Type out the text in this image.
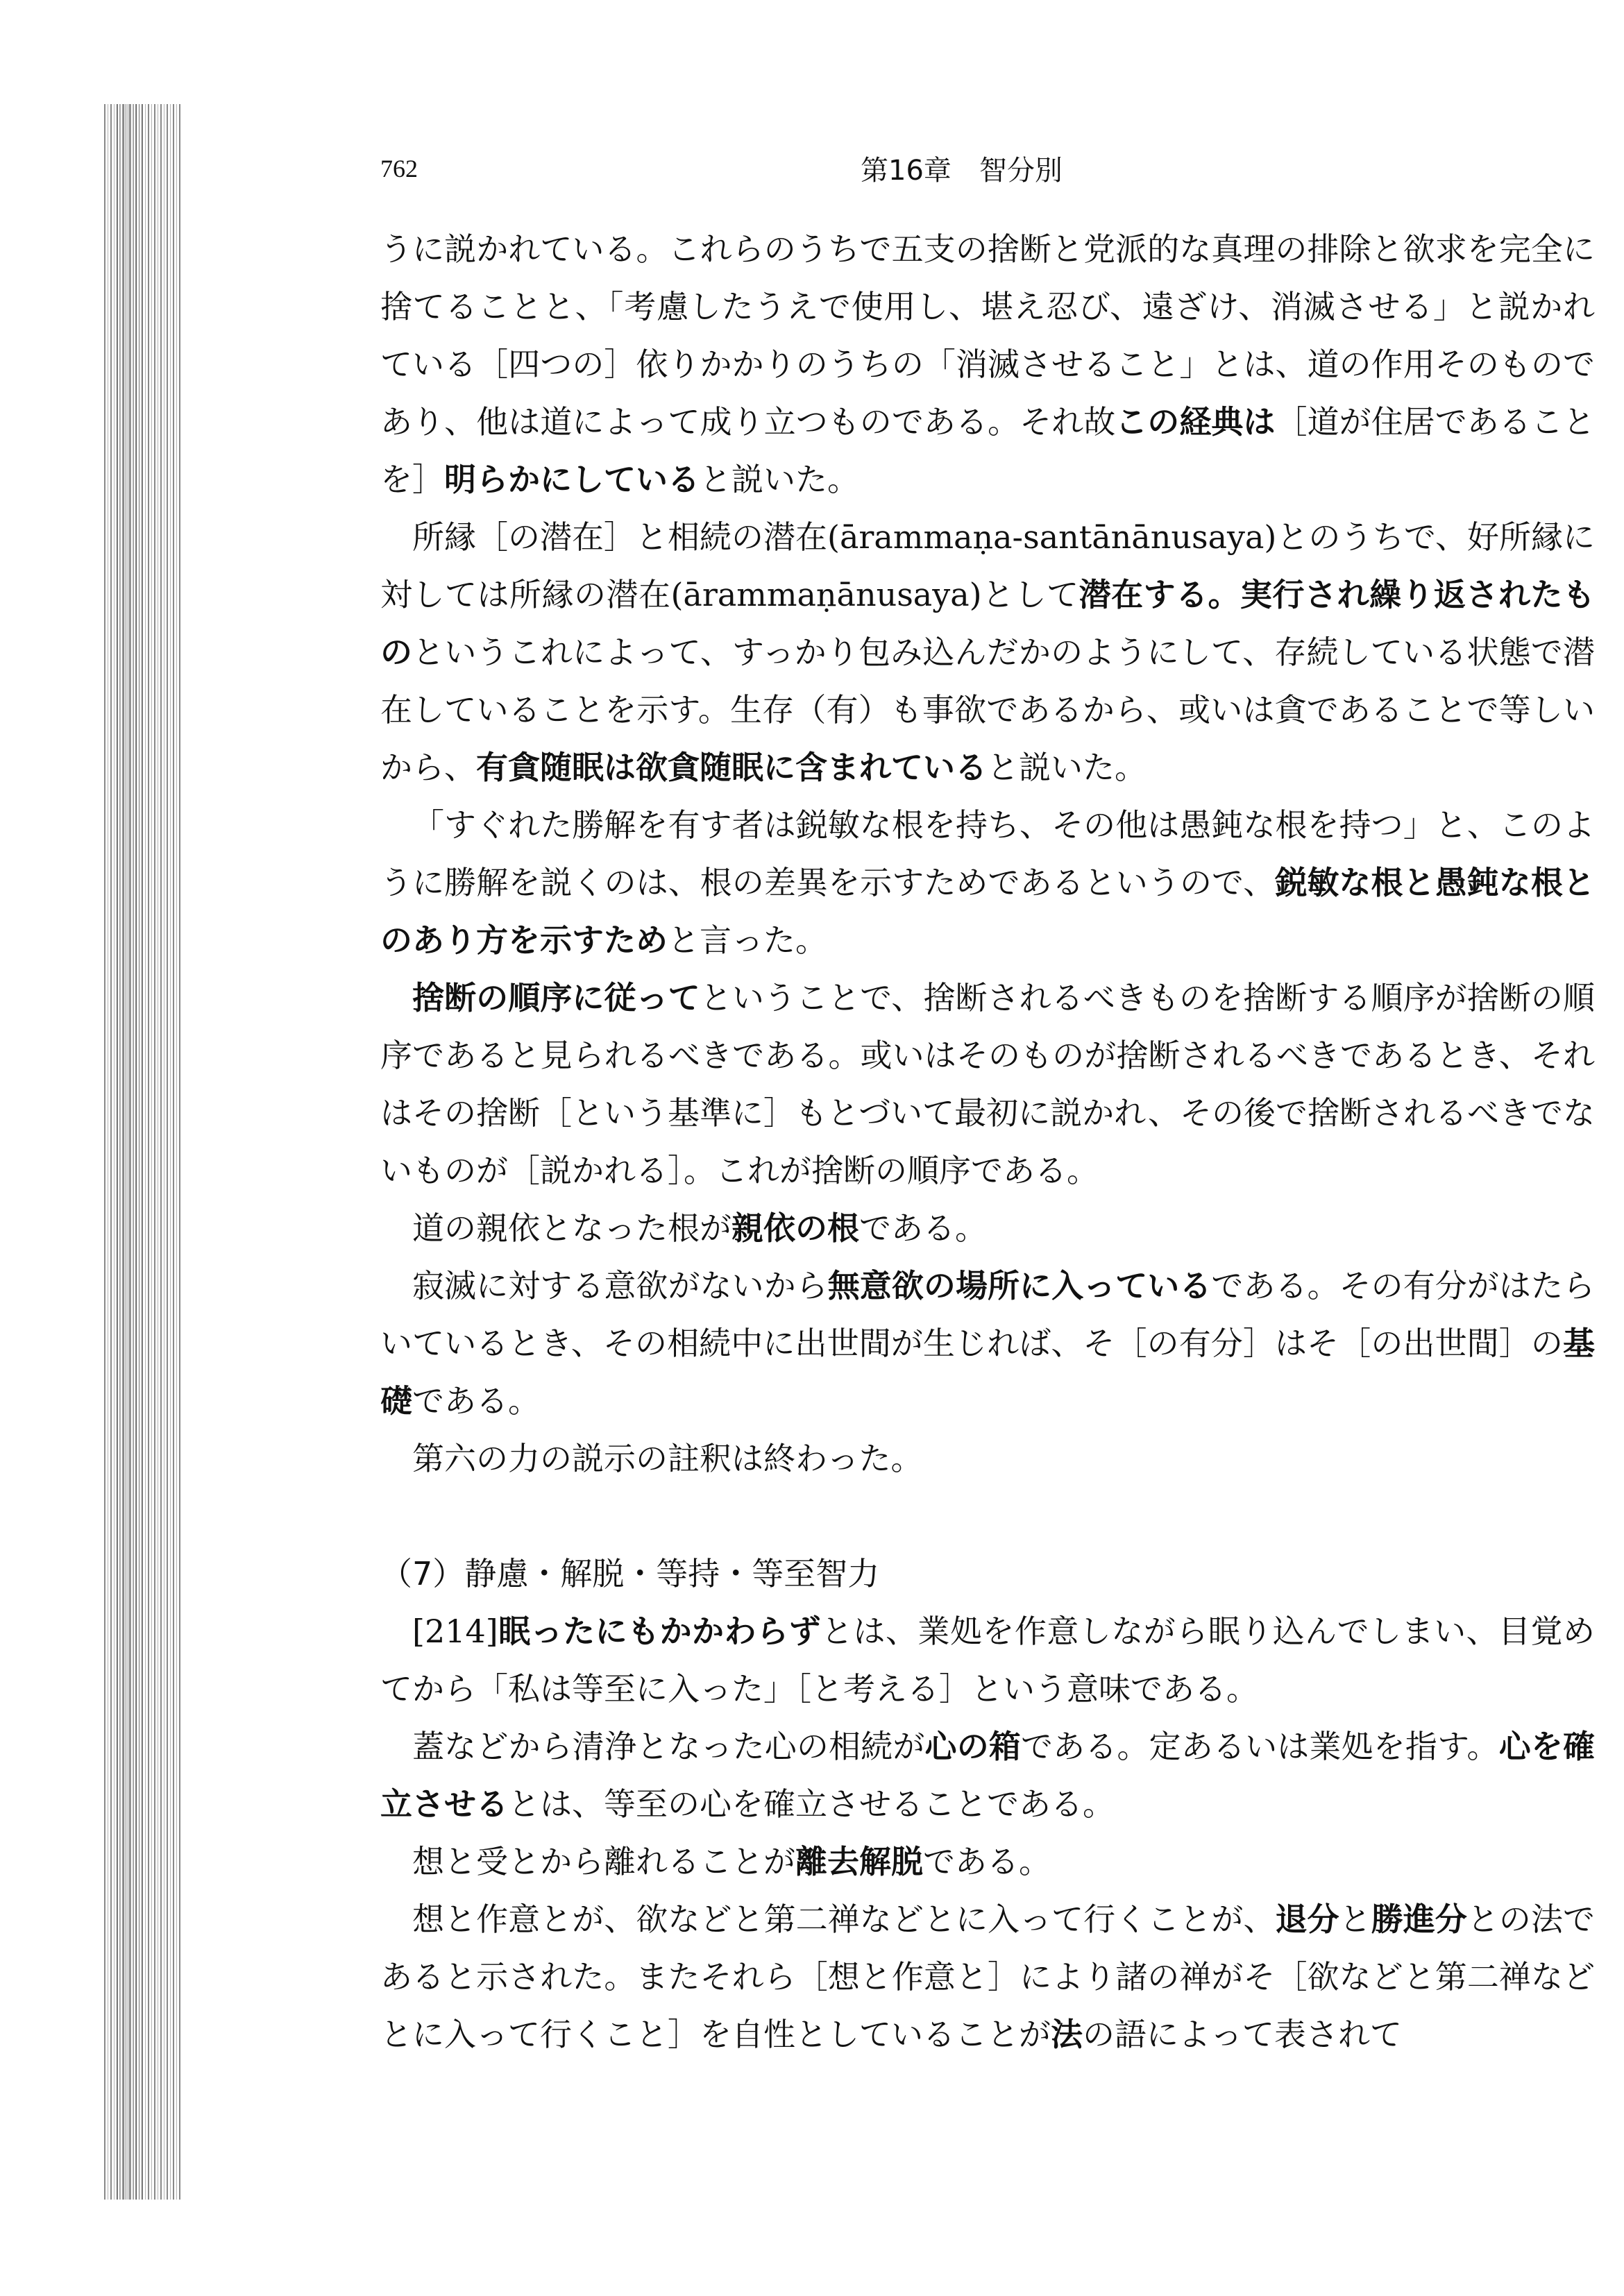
762	第16章　智分別

うに説かれている。これらのうちで五支の捨断と党派的な真理の排除と欲求を完全に捨てることと、「考慮したうえで使用し、堪え忍び、遠ざけ、消滅させる」と説かれている［四つの］依りかかりのうちの「消滅させること」とは、道の作用そのものであり、他は道によって成り立つものである。それ故この経典は［道が住居であることを］明らかにしていると説いた。

所縁［の潜在］と相続の潜在(ārammaṇa-santānānusaya)とのうちで、好所縁に対しては所縁の潜在(ārammaṇānusaya)として潜在する。実行され繰り返されたものというこれによって、すっかり包み込んだかのようにして、存続している状態で潜在していることを示す。生存（有）も事欲であるから、或いは貪であることで等しいから、有貪随眠は欲貪随眠に含まれていると説いた。

「すぐれた勝解を有す者は鋭敏な根を持ち、その他は愚鈍な根を持つ」と、このように勝解を説くのは、根の差異を示すためであるというので、鋭敏な根と愚鈍な根とのあり方を示すためと言った。

捨断の順序に従ってということで、捨断されるべきものを捨断する順序が捨断の順序であると見られるべきである。或いはそのものが捨断されるべきであるとき、それはその捨断［という基準に］もとづいて最初に説かれ、その後で捨断されるべきでないものが［説かれる］。これが捨断の順序である。

道の親依となった根が親依の根である。

寂滅に対する意欲がないから無意欲の場所に入っているである。その有分がはたらいているとき、その相続中に出世間が生じれば、そ［の有分］はそ［の出世間］の基礎である。

第六の力の説示の註釈は終わった。

（7）静慮・解脱・等持・等至智力

[214]眠ったにもかかわらずとは、業処を作意しながら眠り込んでしまい、目覚めてから「私は等至に入った」［と考える］という意味である。

蓋などから清浄となった心の相続が心の箱である。定あるいは業処を指す。心を確立させるとは、等至の心を確立させることである。

想と受とから離れることが離去解脱である。

想と作意とが、欲などと第二禅などとに入って行くことが、退分と勝進分との法であると示された。またそれら［想と作意と］により諸の禅がそ［欲などと第二禅などとに入って行くこと］を自性としていることが法の語によって表されて
